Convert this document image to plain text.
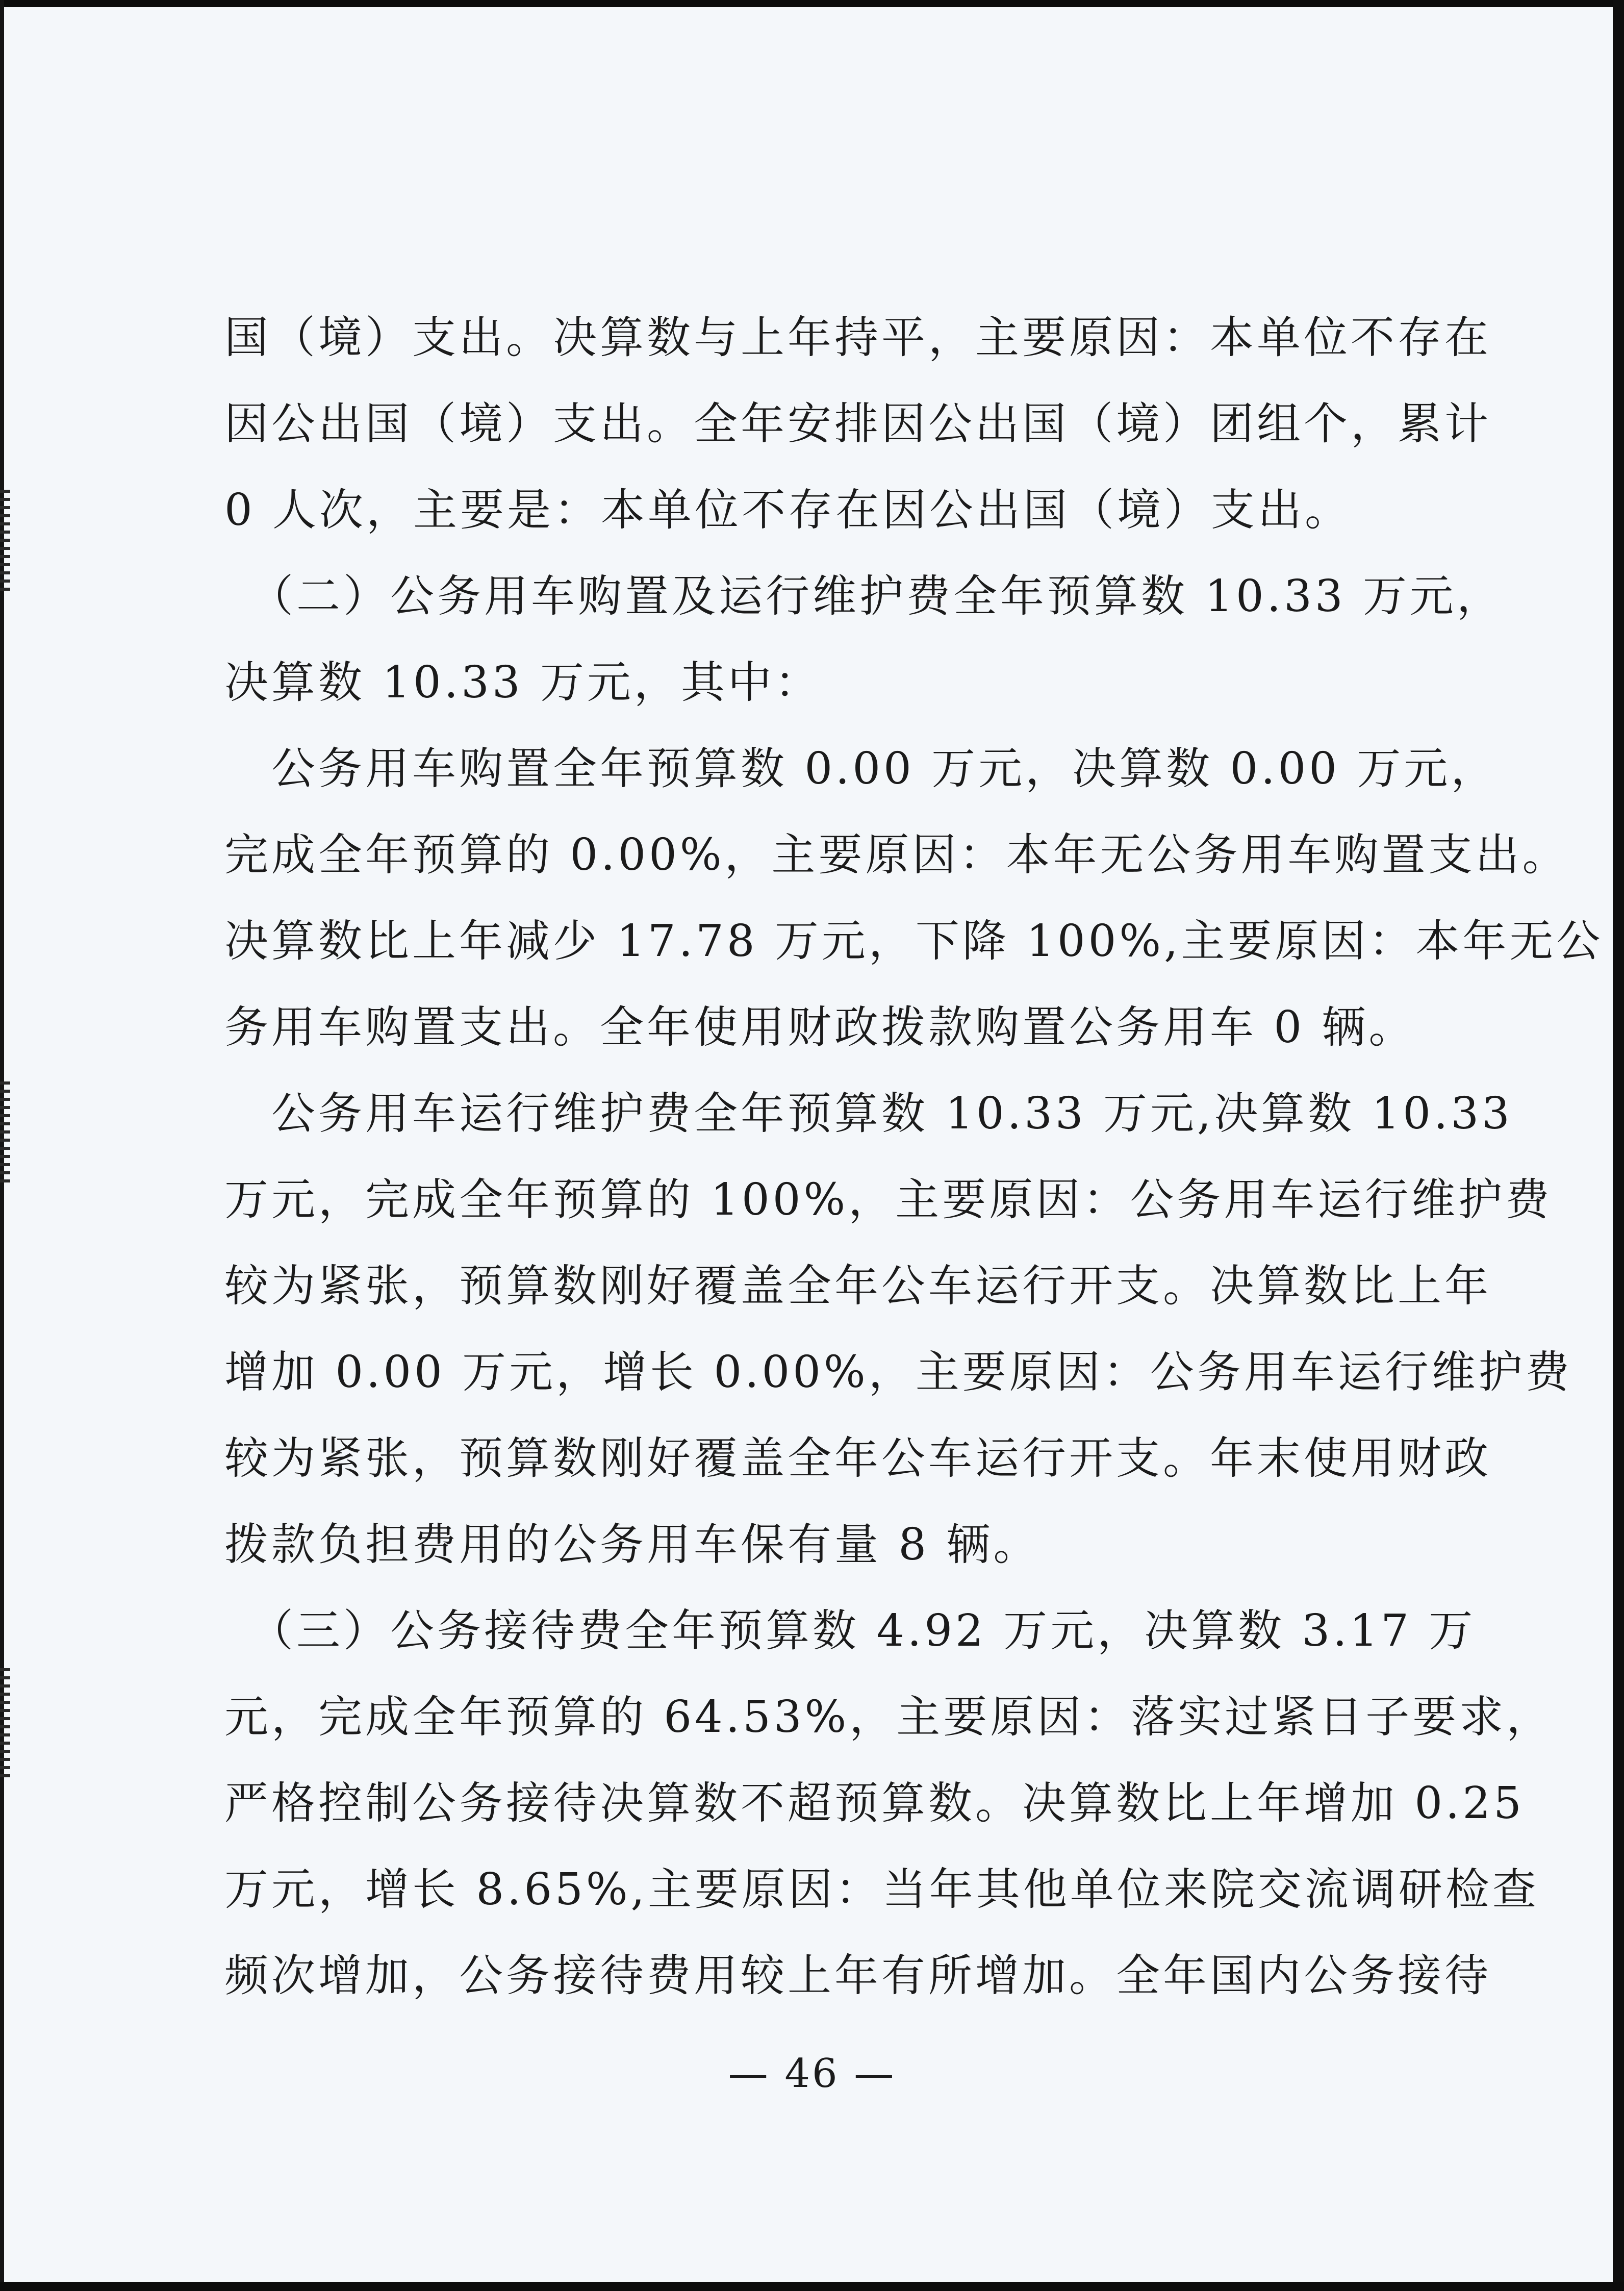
国（境）支出。决算数与上年持平，主要原因：本单位不存在
因公出国（境）支出。全年安排因公出国（境）团组个，累计
0 人次，主要是：本单位不存在因公出国（境）支出。
　（二）公务用车购置及运行维护费全年预算数 10.33 万元，
决算数 10.33 万元，其中：
　公务用车购置全年预算数 0.00 万元，决算数 0.00 万元，
完成全年预算的 0.00%，主要原因：本年无公务用车购置支出。
决算数比上年减少 17.78 万元，下降 100%,主要原因：本年无公
务用车购置支出。全年使用财政拨款购置公务用车 0 辆。
　公务用车运行维护费全年预算数 10.33 万元,决算数 10.33
万元，完成全年预算的 100%，主要原因：公务用车运行维护费
较为紧张，预算数刚好覆盖全年公车运行开支。决算数比上年
增加 0.00 万元，增长 0.00%，主要原因：公务用车运行维护费
较为紧张，预算数刚好覆盖全年公车运行开支。年末使用财政
拨款负担费用的公务用车保有量 8 辆。
　（三）公务接待费全年预算数 4.92 万元，决算数 3.17 万
元，完成全年预算的 64.53%，主要原因：落实过紧日子要求，
严格控制公务接待决算数不超预算数。决算数比上年增加 0.25
万元，增长 8.65%,主要原因：当年其他单位来院交流调研检查
频次增加，公务接待费用较上年有所增加。全年国内公务接待
— 46 —
